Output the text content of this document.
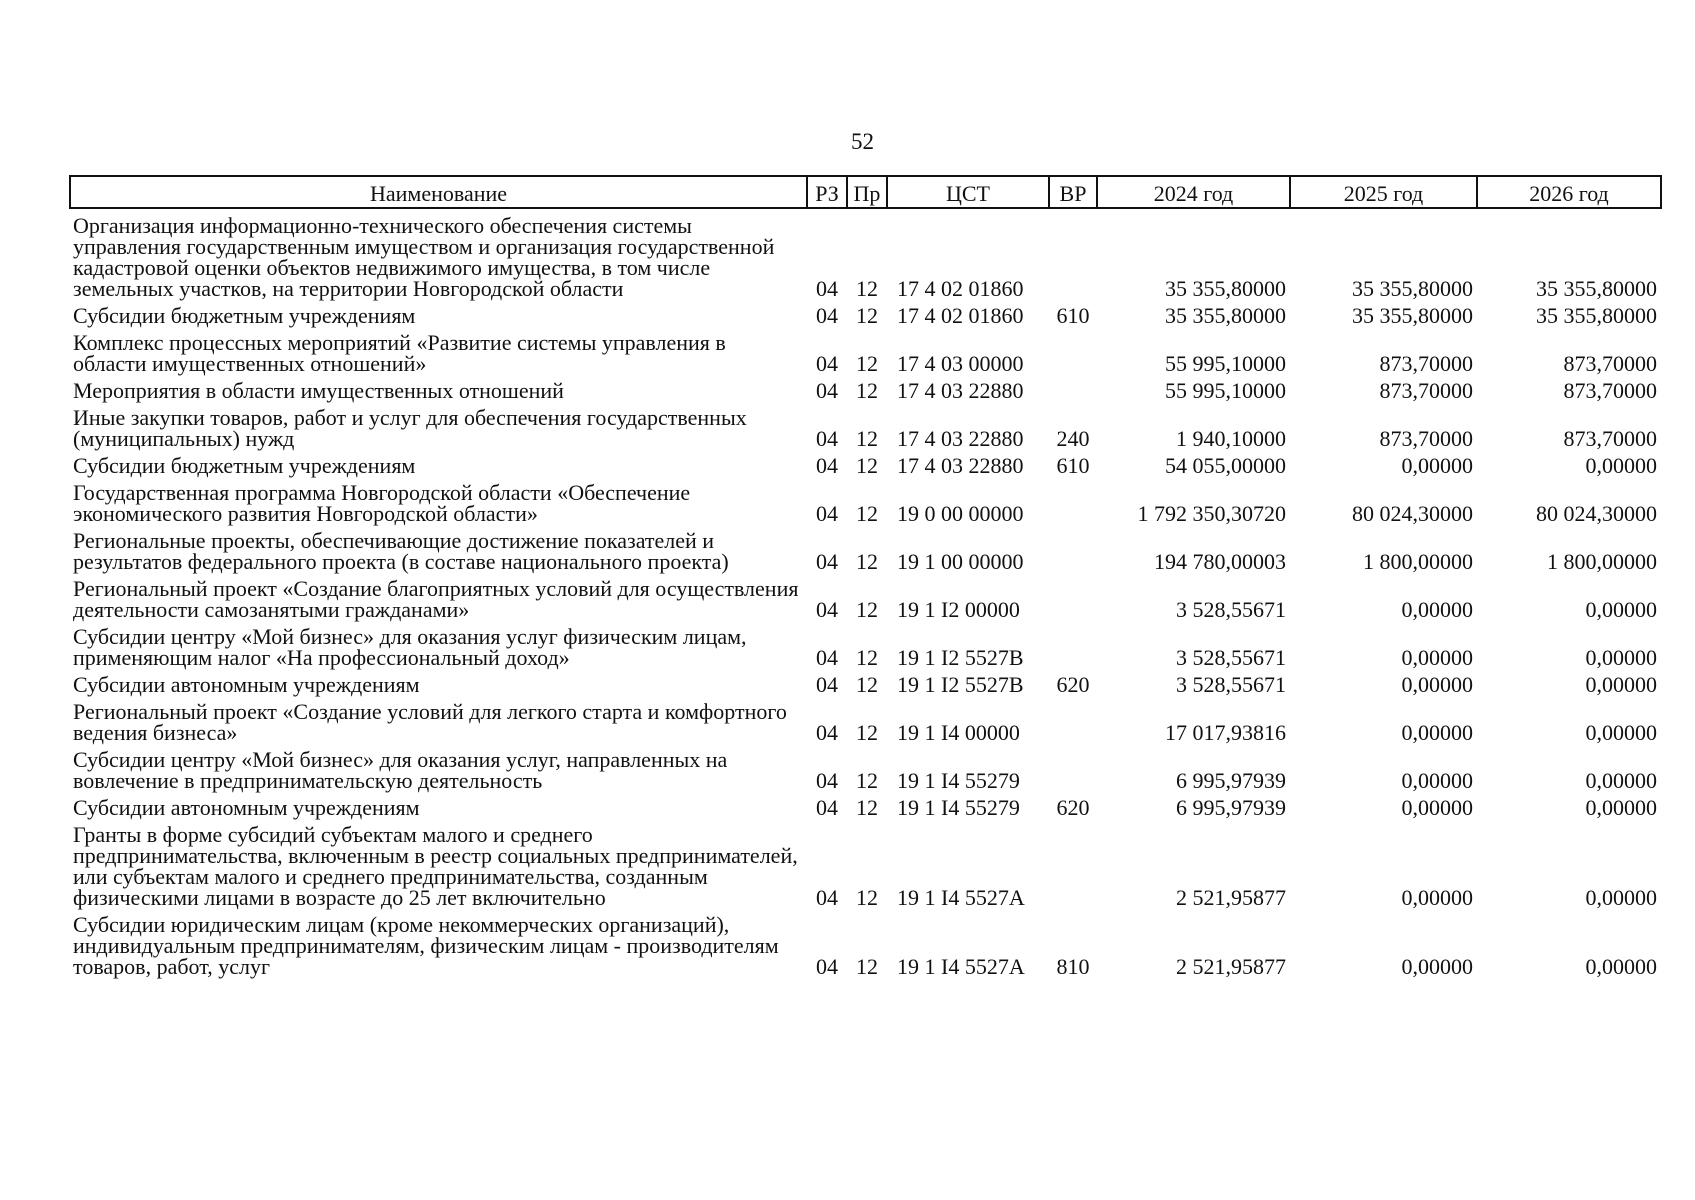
52
Наименование	РЗ	Пр	ЦСТ	ВР	2024 год	2025 год	2026 год
Организация информационно-технического обеспечения системы управления государственным имуществом и организация государственной кадастровой оценки объектов недвижимого имущества, в том числе земельных участков, на территории Новгородской области	04	12	17 4 02 01860		35 355,80000	35 355,80000	35 355,80000
Субсидии бюджетным учреждениям	04	12	17 4 02 01860	610	35 355,80000	35 355,80000	35 355,80000
Комплекс процессных мероприятий «Развитие системы управления в области имущественных отношений»	04	12	17 4 03 00000		55 995,10000	873,70000	873,70000
Мероприятия в области имущественных отношений	04	12	17 4 03 22880		55 995,10000	873,70000	873,70000
Иные закупки товаров, работ и услуг для обеспечения государственных (муниципальных) нужд	04	12	17 4 03 22880	240	1 940,10000	873,70000	873,70000
Субсидии бюджетным учреждениям	04	12	17 4 03 22880	610	54 055,00000	0,00000	0,00000
Государственная программа Новгородской области «Обеспечение экономического развития Новгородской области»	04	12	19 0 00 00000		1 792 350,30720	80 024,30000	80 024,30000
Региональные проекты, обеспечивающие достижение показателей и результатов федерального проекта (в составе национального проекта)	04	12	19 1 00 00000		194 780,00003	1 800,00000	1 800,00000
Региональный проект «Создание благоприятных условий для осуществления деятельности самозанятыми гражданами»	04	12	19 1 I2 00000		3 528,55671	0,00000	0,00000
Субсидии центру «Мой бизнес» для оказания услуг физическим лицам, применяющим налог «На профессиональный доход»	04	12	19 1 I2 5527B		3 528,55671	0,00000	0,00000
Субсидии автономным учреждениям	04	12	19 1 I2 5527B	620	3 528,55671	0,00000	0,00000
Региональный проект «Создание условий для легкого старта и комфортного ведения бизнеса»	04	12	19 1 I4 00000		17 017,93816	0,00000	0,00000
Субсидии центру «Мой бизнес» для оказания услуг, направленных на вовлечение в предпринимательскую деятельность	04	12	19 1 I4 55279		6 995,97939	0,00000	0,00000
Субсидии автономным учреждениям	04	12	19 1 I4 55279	620	6 995,97939	0,00000	0,00000
Гранты в форме субсидий субъектам малого и среднего предпринимательства, включенным в реестр социальных предпринимателей, или субъектам малого и среднего предпринимательства, созданным физическими лицами в возрасте до 25 лет включительно	04	12	19 1 I4 5527A		2 521,95877	0,00000	0,00000
Субсидии юридическим лицам (кроме некоммерческих организаций), индивидуальным предпринимателям, физическим лицам - производителям товаров, работ, услуг	04	12	19 1 I4 5527A	810	2 521,95877	0,00000	0,00000
